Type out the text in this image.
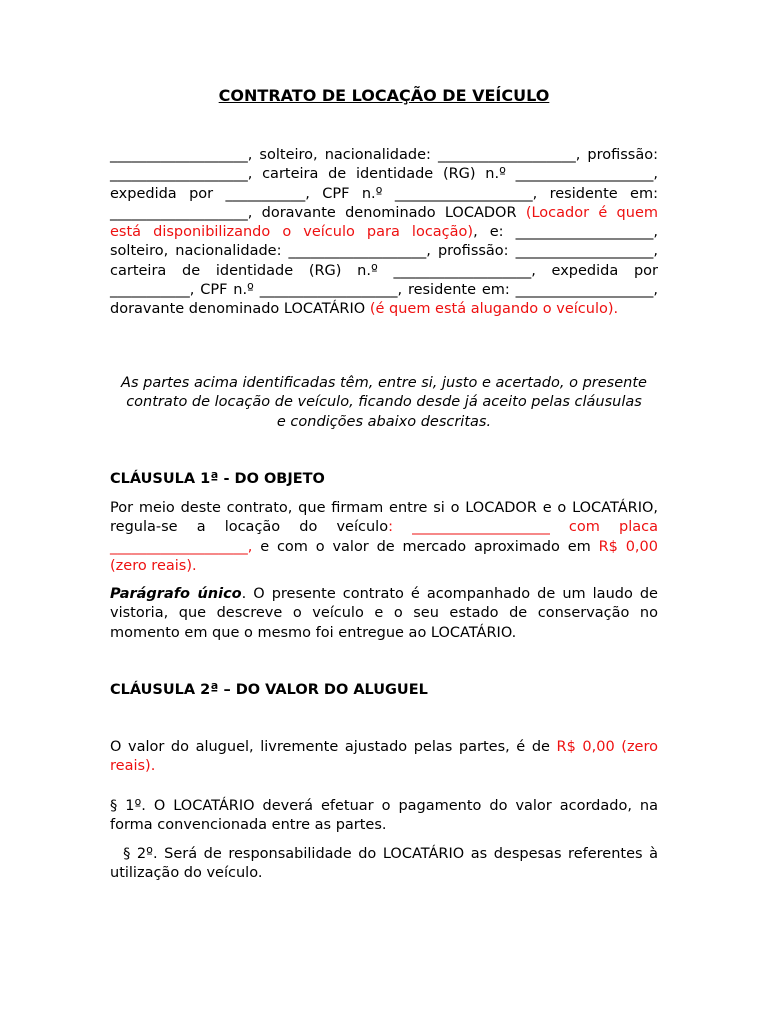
CONTRATO DE LOCAÇÃO DE VEÍCULO
___________________, solteiro, nacionalidade: ___________________, profissão: ___________________, carteira de identidade (RG) n.º ___________________, expedida por ___________, CPF n.º ___________________, residente em: ___________________, doravante denominado LOCADOR (Locador é quem está disponibilizando o veículo para locação), e: ___________________, solteiro, nacionalidade: ___________________, profissão: ___________________, carteira de identidade (RG) n.º ___________________, expedida por ___________, CPF n.º ___________________, residente em: ___________________, doravante denominado LOCATÁRIO (é quem está alugando o veículo).
As partes acima identificadas têm, entre si, justo e acertado, o presente contrato de locação de veículo, ficando desde já aceito pelas cláusulas e condições abaixo descritas.
CLÁUSULA 1ª - DO OBJETO
Por meio deste contrato, que firmam entre si o LOCADOR e o LOCATÁRIO, regula-se a locação do veículo: ___________________ com placa ___________________, e com o valor de mercado aproximado em R$ 0,00 (zero reais).
Parágrafo único. O presente contrato é acompanhado de um laudo de vistoria, que descreve o veículo e o seu estado de conservação no momento em que o mesmo foi entregue ao LOCATÁRIO.
CLÁUSULA 2ª – DO VALOR DO ALUGUEL
O valor do aluguel, livremente ajustado pelas partes, é de R$ 0,00 (zero reais).
§ 1º. O LOCATÁRIO deverá efetuar o pagamento do valor acordado, na forma convencionada entre as partes.
§ 2º. Será de responsabilidade do LOCATÁRIO as despesas referentes à utilização do veículo.
